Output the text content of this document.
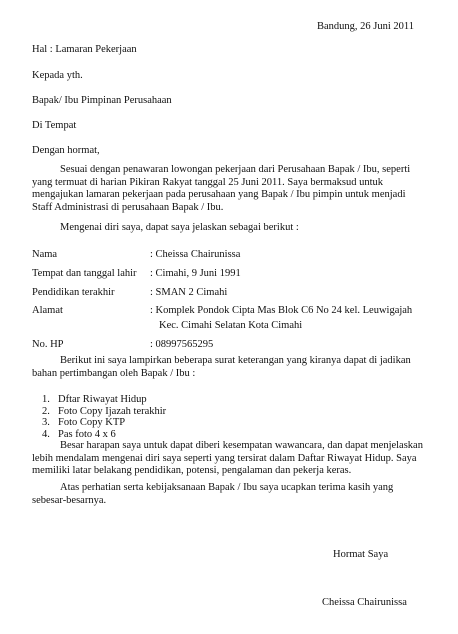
Bandung, 26 Juni 2011
Hal : Lamaran Pekerjaan
Kepada yth.
Bapak/ Ibu Pimpinan Perusahaan
Di Tempat
Dengan hormat,
Sesuai dengan penawaran lowongan pekerjaan dari Perusahaan Bapak / Ibu, seperti yang termuat di harian Pikiran Rakyat tanggal 25 Juni 2011. Saya bermaksud untuk mengajukan lamaran pekerjaan pada perusahaan yang Bapak / Ibu pimpin untuk menjadi Staff Administrasi di perusahaan Bapak / Ibu.
Mengenai diri saya, dapat saya jelaskan sebagai berikut :
Nama	: Cheissa Chairunissa
Tempat dan tanggal lahir : Cimahi, 9 Juni 1991
Pendidikan terakhir	: SMAN 2 Cimahi
Alamat	: Komplek Pondok Cipta Mas Blok C6 No 24 kel. Leuwigajah
Kec. Cimahi Selatan Kota Cimahi
No. HP	: 08997565295
Berikut ini saya lampirkan beberapa surat keterangan yang kiranya dapat di jadikan bahan pertimbangan oleh Bapak / Ibu :
1. Dftar Riwayat Hidup
2. Foto Copy Ijazah terakhir
3. Foto Copy KTP
4. Pas foto 4 x 6
Besar harapan saya untuk dapat diberi kesempatan wawancara, dan dapat menjelaskan lebih mendalam mengenai diri saya seperti yang tersirat dalam Daftar Riwayat Hidup. Saya memiliki latar belakang pendidikan, potensi, pengalaman dan pekerja keras.
Atas perhatian serta kebijaksanaan Bapak / Ibu saya ucapkan terima kasih yang sebesar-besarnya.
Hormat Saya
Cheissa Chairunissa
